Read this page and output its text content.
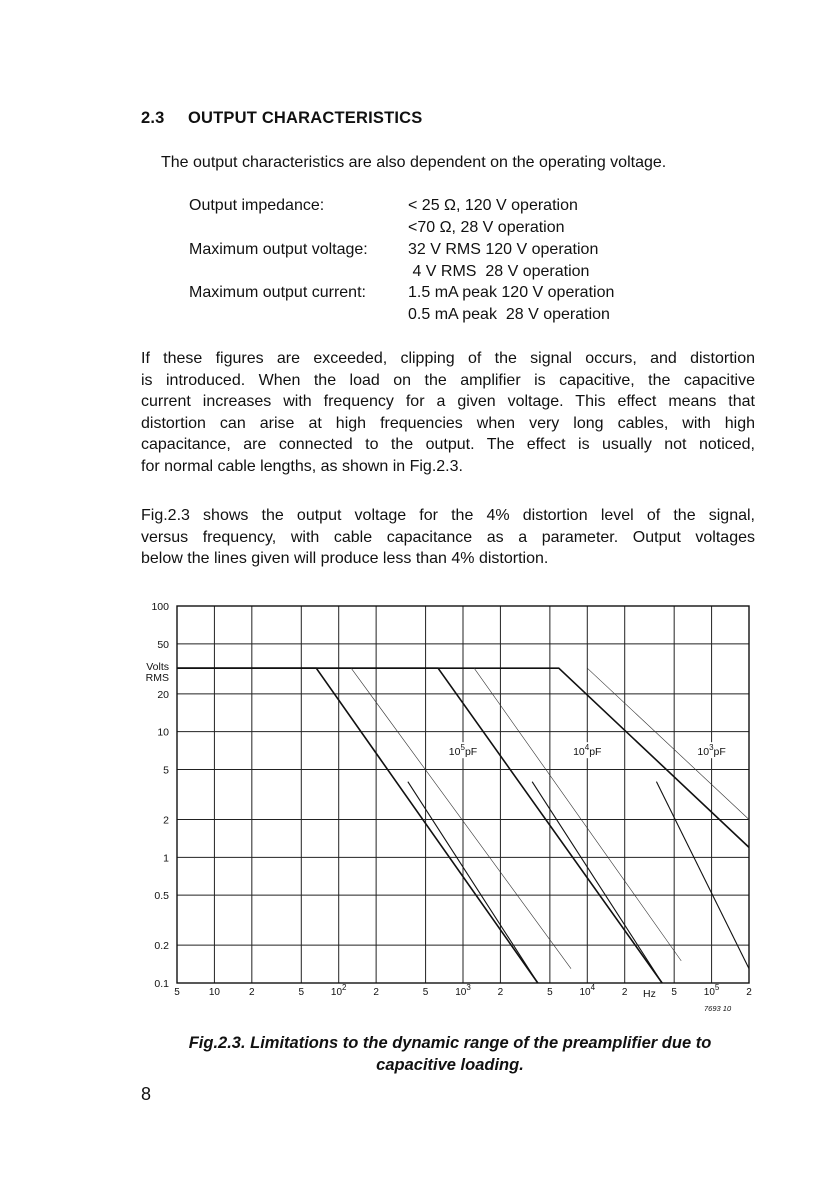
2.3 OUTPUT CHARACTERISTICS
The output characteristics are also dependent on the operating voltage.
Output impedance:	< 25 Ω, 120 V operation
<70 Ω, 28 V operation
Maximum output voltage:	32 V RMS 120 V operation
4 V RMS  28 V operation
Maximum output current:	1.5 mA peak 120 V operation
0.5 mA peak  28 V operation
If these figures are exceeded, clipping of the signal occurs, and distortion
is introduced. When the load on the amplifier is capacitive, the capacitive
current increases with frequency for a given voltage. This effect means that
distortion can arise at high frequencies when very long cables, with high
capacitance, are connected to the output. The effect is usually not noticed,
for normal cable lengths, as shown in Fig.2.3.
Fig.2.3 shows the output voltage for the 4% distortion level of the signal,
versus frequency, with cable capacitance as a parameter. Output voltages
below the lines given will produce less than 4% distortion.
100
50
20
10
5
2
1
0.5
0.2
0.1
Volts
RMS
5	10	2	5	$10^2$	2	5	$10^3$	2	5	$10^4$	2	5	$10^5$	2
Hz
7693 10
$10^5pF$	$10^4pF$	$10^3pF$
Fig.2.3. Limitations to the dynamic range of the preamplifier due to
capacitive loading.
8
